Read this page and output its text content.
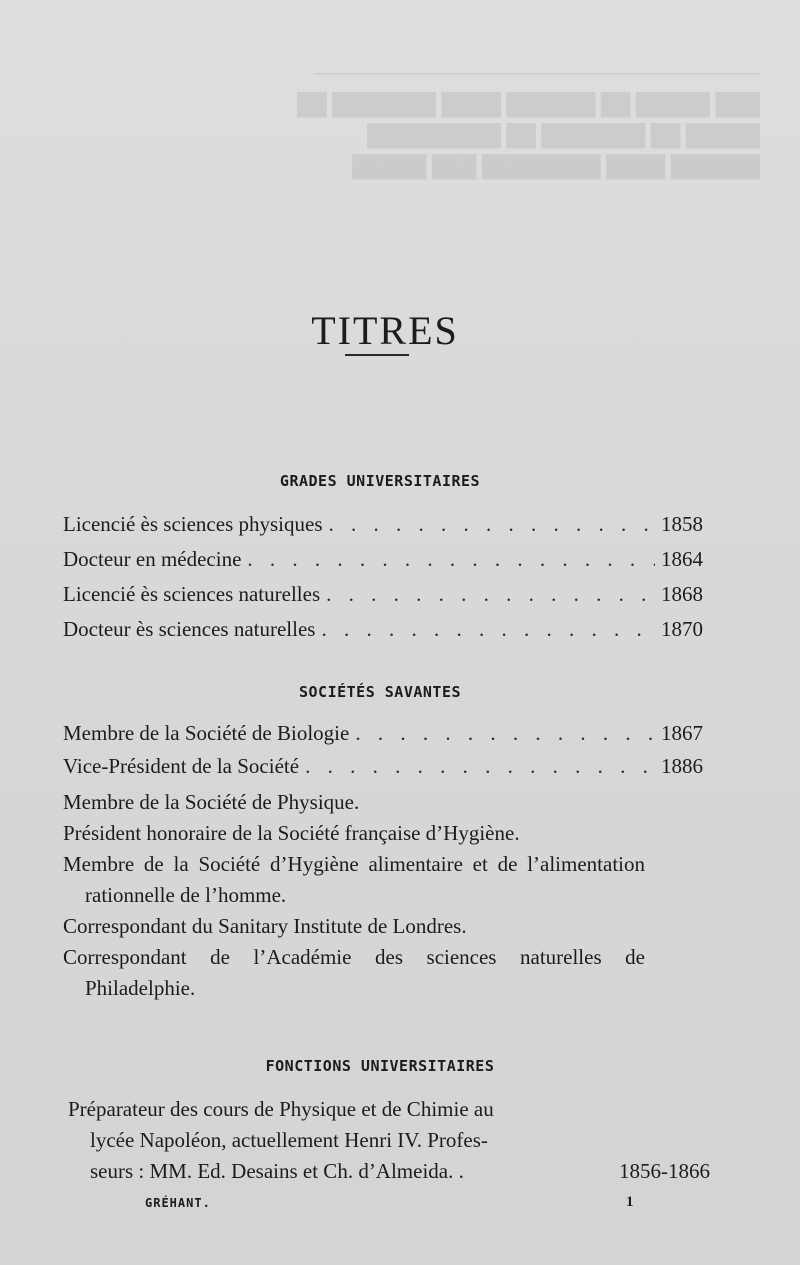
──────────────────────────────
███ █████ ██ ██████ ████ ███████ ██
█████ ██ ███████ ██ █████████
██████ ████ ████████ ███ █████
TITRES
GRADES UNIVERSITAIRES
Licencié ès sciences physiques . . .	1858
Docteur en médecine . . .	1864
Licencié ès sciences naturelles . . .	1868
Docteur ès sciences naturelles . . .	1870
SOCIÉTÉS SAVANTES
Membre de la Société de Biologie . . .	1867
Vice-Président de la Société . . .	1886
Membre de la Société de Physique.
Président honoraire de la Société française d’Hygiène.
Membre de la Société d’Hygiène alimentaire et de l’alimentation rationnelle de l’homme.
Correspondant du Sanitary Institute de Londres.
Correspondant de l’Académie des sciences naturelles de Philadelphie.
FONCTIONS UNIVERSITAIRES
Préparateur des cours de Physique et de Chimie au
lycée Napoléon, actuellement Henri IV. Profes-
seurs : MM. Ed. Desains et Ch. d’Almeida. .	1856-1866
GRÉHANT.	1
